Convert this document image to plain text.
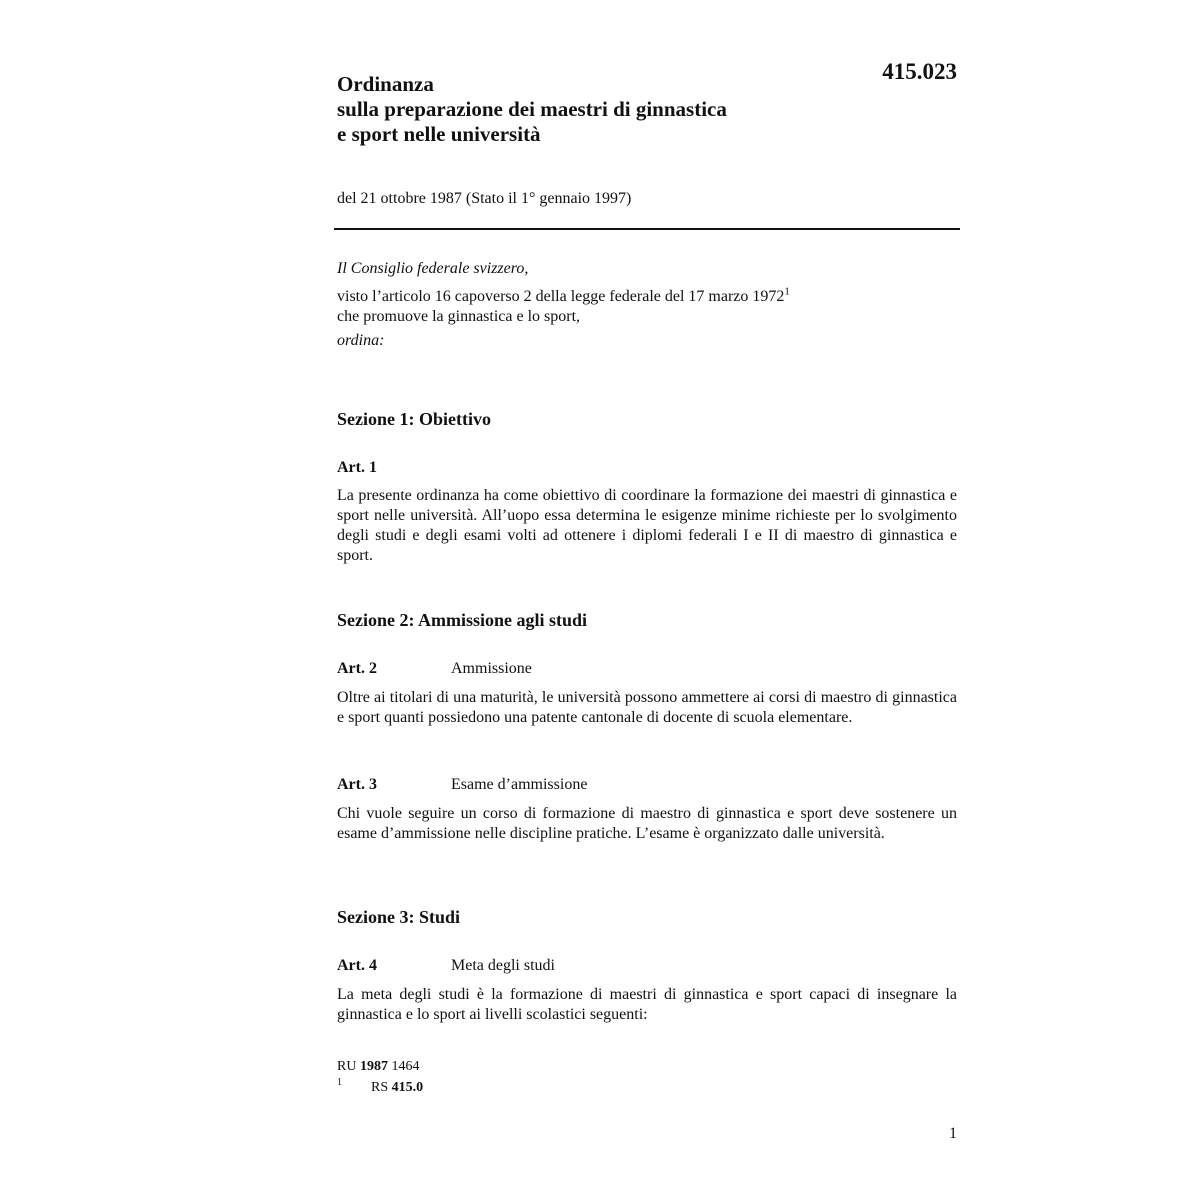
415.023
Ordinanza
sulla preparazione dei maestri di ginnastica
e sport nelle università

del 21 ottobre 1987 (Stato il 1° gennaio 1997)

Il Consiglio federale svizzero,

visto l’articolo 16 capoverso 2 della legge federale del 17 marzo 1972$^1$
che promuove la ginnastica e lo sport,

ordina:

Sezione 1: Obiettivo
Art. 1

La presente ordinanza ha come obiettivo di coordinare la formazione dei maestri di ginnastica e sport nelle università. All’uopo essa determina le esigenze minime richieste per lo svolgimento degli studi e degli esami volti ad ottenere i diplomi federali I e II di maestro di ginnastica e sport.

Sezione 2: Ammissione agli studi
Art. 2	Ammissione

Oltre ai titolari di una maturità, le università possono ammettere ai corsi di maestro di ginnastica e sport quanti possiedono una patente cantonale di docente di scuola elementare.

Art. 3	Esame d’ammissione

Chi vuole seguire un corso di formazione di maestro di ginnastica e sport deve sostenere un esame d’ammissione nelle discipline pratiche. L’esame è organizzato dalle università.

Sezione 3: Studi
Art. 4	Meta degli studi

La meta degli studi è la formazione di maestri di ginnastica e sport capaci di insegnare la ginnastica e lo sport ai livelli scolastici seguenti:

RU 1987 1464
1 RS 415.0
1
